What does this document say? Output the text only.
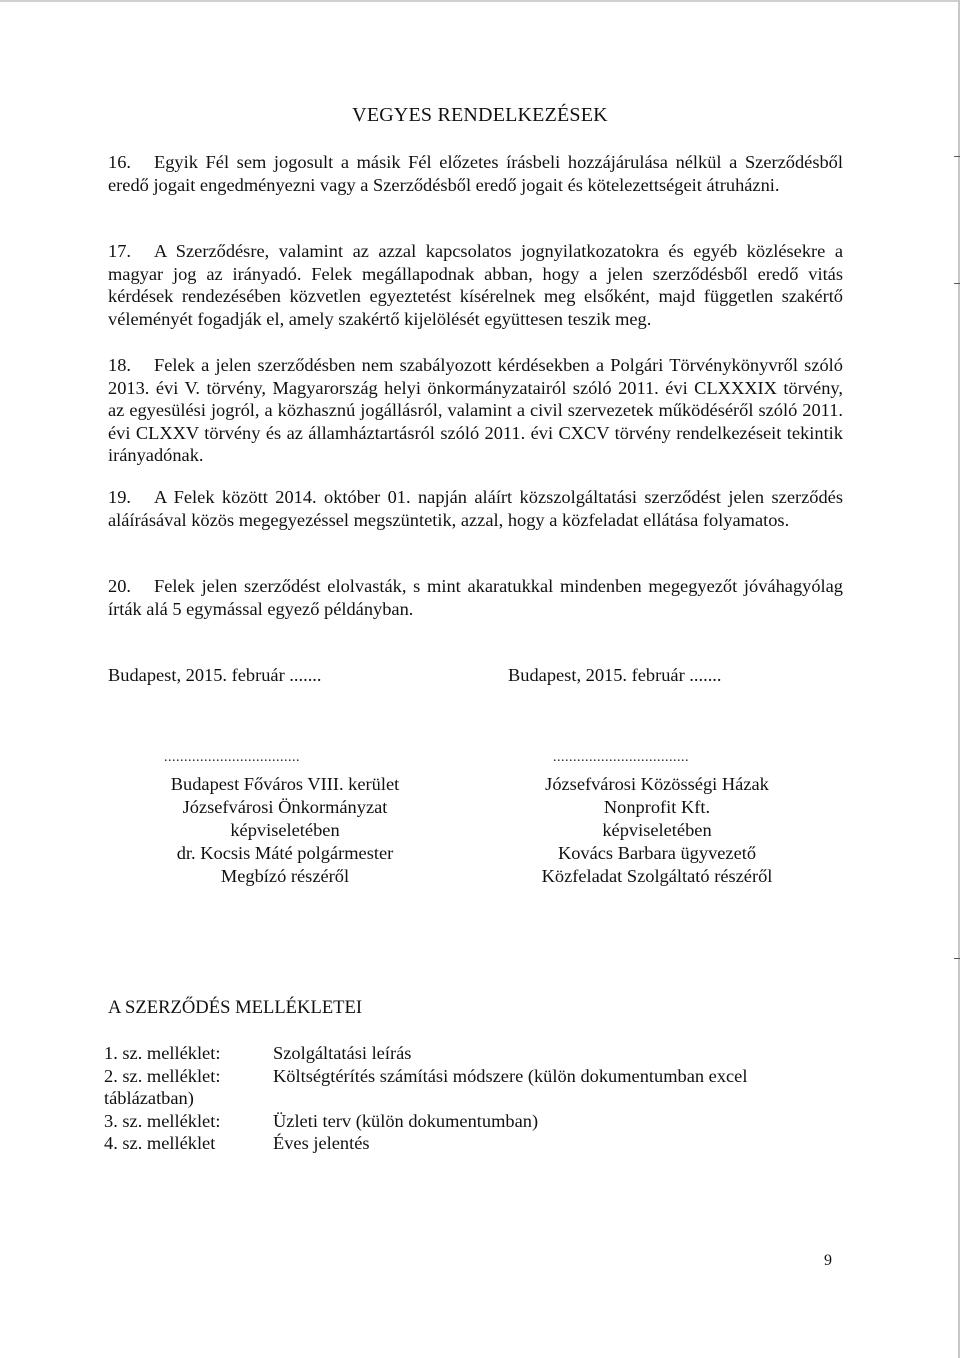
VEGYES RENDELKEZÉSEK
16. Egyik Fél sem jogosult a másik Fél előzetes írásbeli hozzájárulása nélkül a Szerződésből eredő jogait engedményezni vagy a Szerződésből eredő jogait és kötelezettségeit átruházni.
17. A Szerződésre, valamint az azzal kapcsolatos jognyilatkozatokra és egyéb közlésekre a magyar jog az irányadó. Felek megállapodnak abban, hogy a jelen szerződésből eredő vitás kérdések rendezésében közvetlen egyeztetést kísérelnek meg elsőként, majd független szakértő véleményét fogadják el, amely szakértő kijelölését együttesen teszik meg.
18. Felek a jelen szerződésben nem szabályozott kérdésekben a Polgári Törvénykönyvről szóló 2013. évi V. törvény, Magyarország helyi önkormányzatairól szóló 2011. évi CLXXXIX törvény, az egyesülési jogról, a közhasznú jogállásról, valamint a civil szervezetek működéséről szóló 2011. évi CLXXV törvény és az államháztartásról szóló 2011. évi CXCV törvény rendelkezéseit tekintik irányadónak.
19. A Felek között 2014. október 01. napján aláírt közszolgáltatási szerződést jelen szerződés aláírásával közös megegyezéssel megszüntetik, azzal, hogy a közfeladat ellátása folyamatos.
20. Felek jelen szerződést elolvasták, s mint akaratukkal mindenben megegyezőt jóváhagyólag írták alá 5 egymással egyező példányban.
Budapest, 2015. február .......	Budapest, 2015. február .......
..................................	..................................
Budapest Főváros VIII. kerület
Józsefvárosi Önkormányzat
képviseletében
dr. Kocsis Máté polgármester
Megbízó részéről
Józsefvárosi Közösségi Házak
Nonprofit Kft.
képviseletében
Kovács Barbara ügyvezető
Közfeladat Szolgáltató részéről
A SZERZŐDÉS MELLÉKLETEI
1. sz. melléklet:	Szolgáltatási leírás
2. sz. melléklet:	Költségtérítés számítási módszere (külön dokumentumban excel
táblázatban)
3. sz. melléklet:	Üzleti terv (külön dokumentumban)
4. sz. melléklet	Éves jelentés
9
